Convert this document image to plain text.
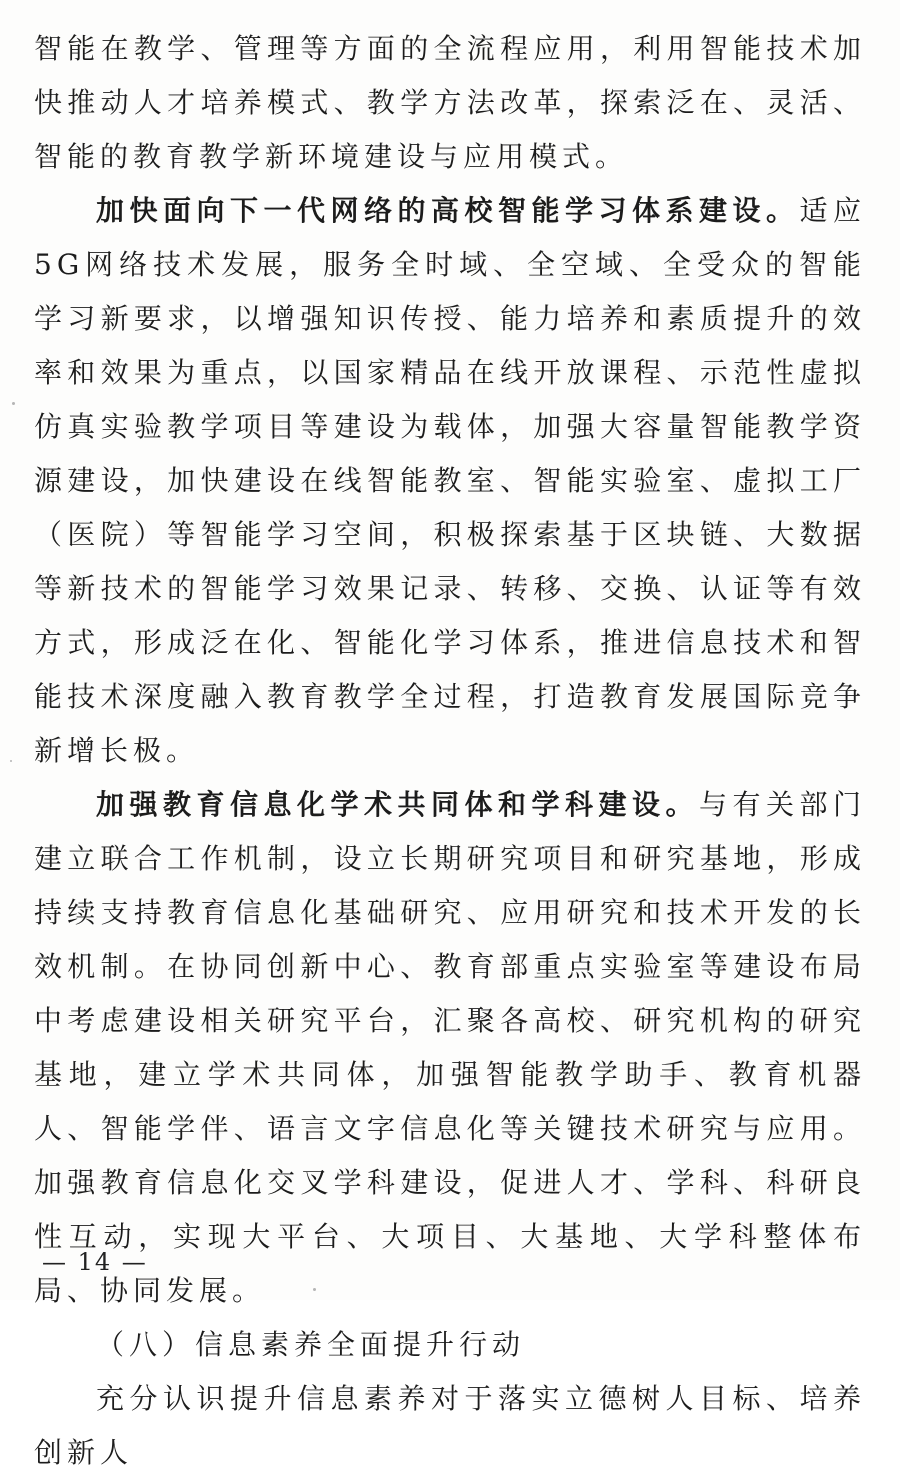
智能在教学、管理等方面的全流程应用，利用智能技术加快推动人才培养模式、教学方法改革，探索泛在、灵活、智能的教育教学新环境建设与应用模式。

加快面向下一代网络的高校智能学习体系建设。适应5G网络技术发展，服务全时域、全空域、全受众的智能学习新要求，以增强知识传授、能力培养和素质提升的效率和效果为重点，以国家精品在线开放课程、示范性虚拟仿真实验教学项目等建设为载体，加强大容量智能教学资源建设，加快建设在线智能教室、智能实验室、虚拟工厂（医院）等智能学习空间，积极探索基于区块链、大数据等新技术的智能学习效果记录、转移、交换、认证等有效方式，形成泛在化、智能化学习体系，推进信息技术和智能技术深度融入教育教学全过程，打造教育发展国际竞争新增长极。

加强教育信息化学术共同体和学科建设。与有关部门建立联合工作机制，设立长期研究项目和研究基地，形成持续支持教育信息化基础研究、应用研究和技术开发的长效机制。在协同创新中心、教育部重点实验室等建设布局中考虑建设相关研究平台，汇聚各高校、研究机构的研究基地，建立学术共同体，加强智能教学助手、教育机器人、智能学伴、语言文字信息化等关键技术研究与应用。加强教育信息化交叉学科建设，促进人才、学科、科研良性互动，实现大平台、大项目、大基地、大学科整体布局、协同发展。

（八）信息素养全面提升行动

充分认识提升信息素养对于落实立德树人目标、培养创新人

— 14 —
